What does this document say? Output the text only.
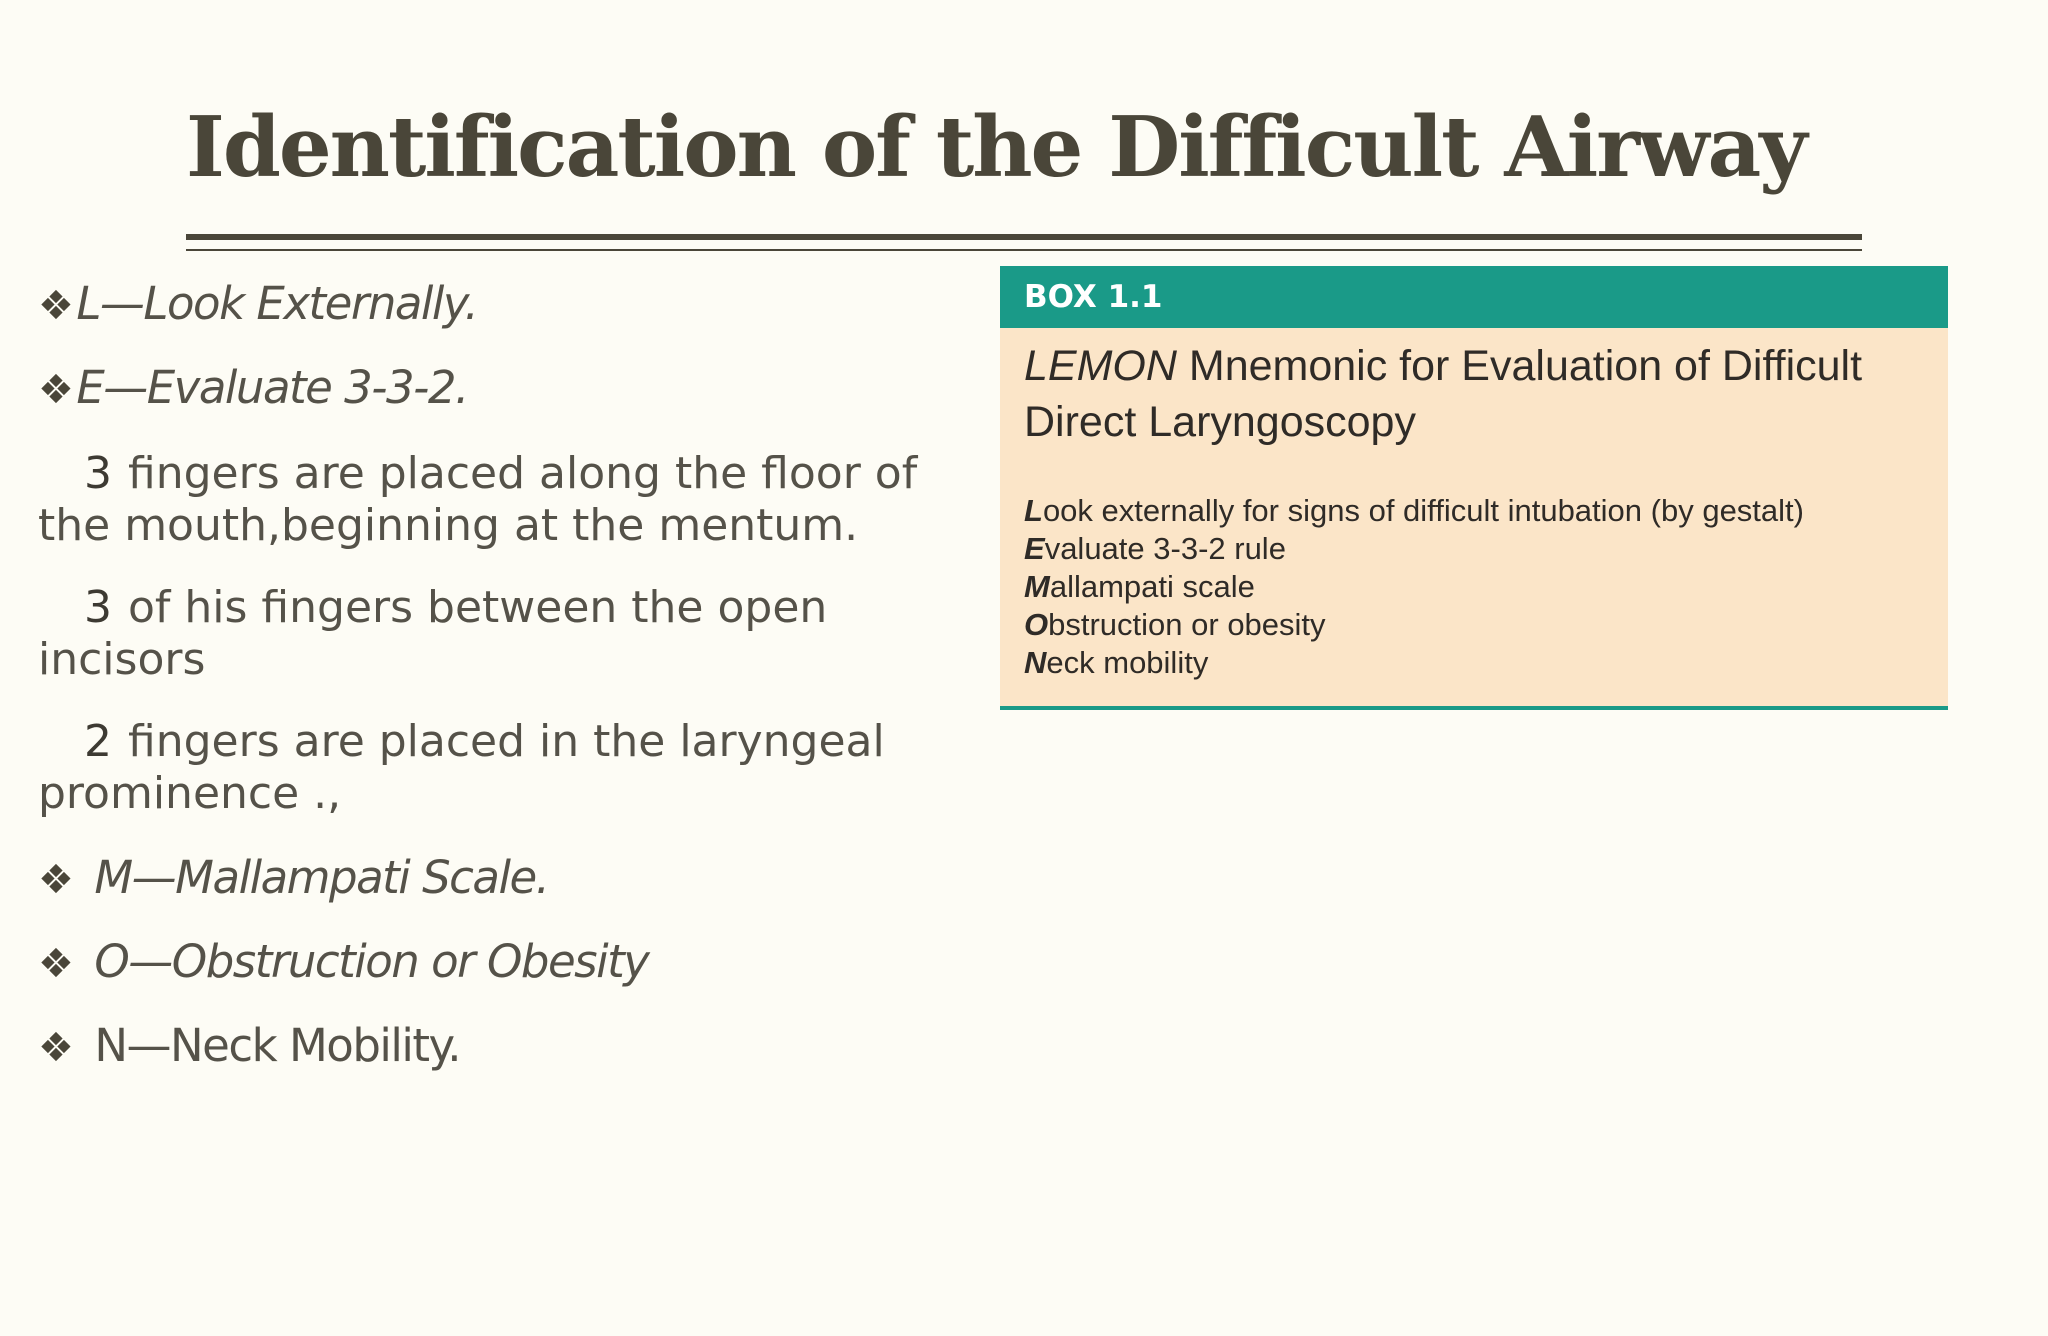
Identification of the Difficult Airway

❖L—Look Externally.

❖E—Evaluate 3-3-2.

3 fingers are placed along the floor of the mouth,beginning at the mentum.

3 of his fingers between the open incisors

2 fingers are placed in the laryngeal prominence .,

❖ M—Mallampati Scale.

❖ O—Obstruction or Obesity

❖ N—Neck Mobility.

BOX 1.1
LEMON Mnemonic for Evaluation of Difficult Direct Laryngoscopy
Look externally for signs of difficult intubation (by gestalt)
Evaluate 3-3-2 rule
Mallampati scale
Obstruction or obesity
Neck mobility
